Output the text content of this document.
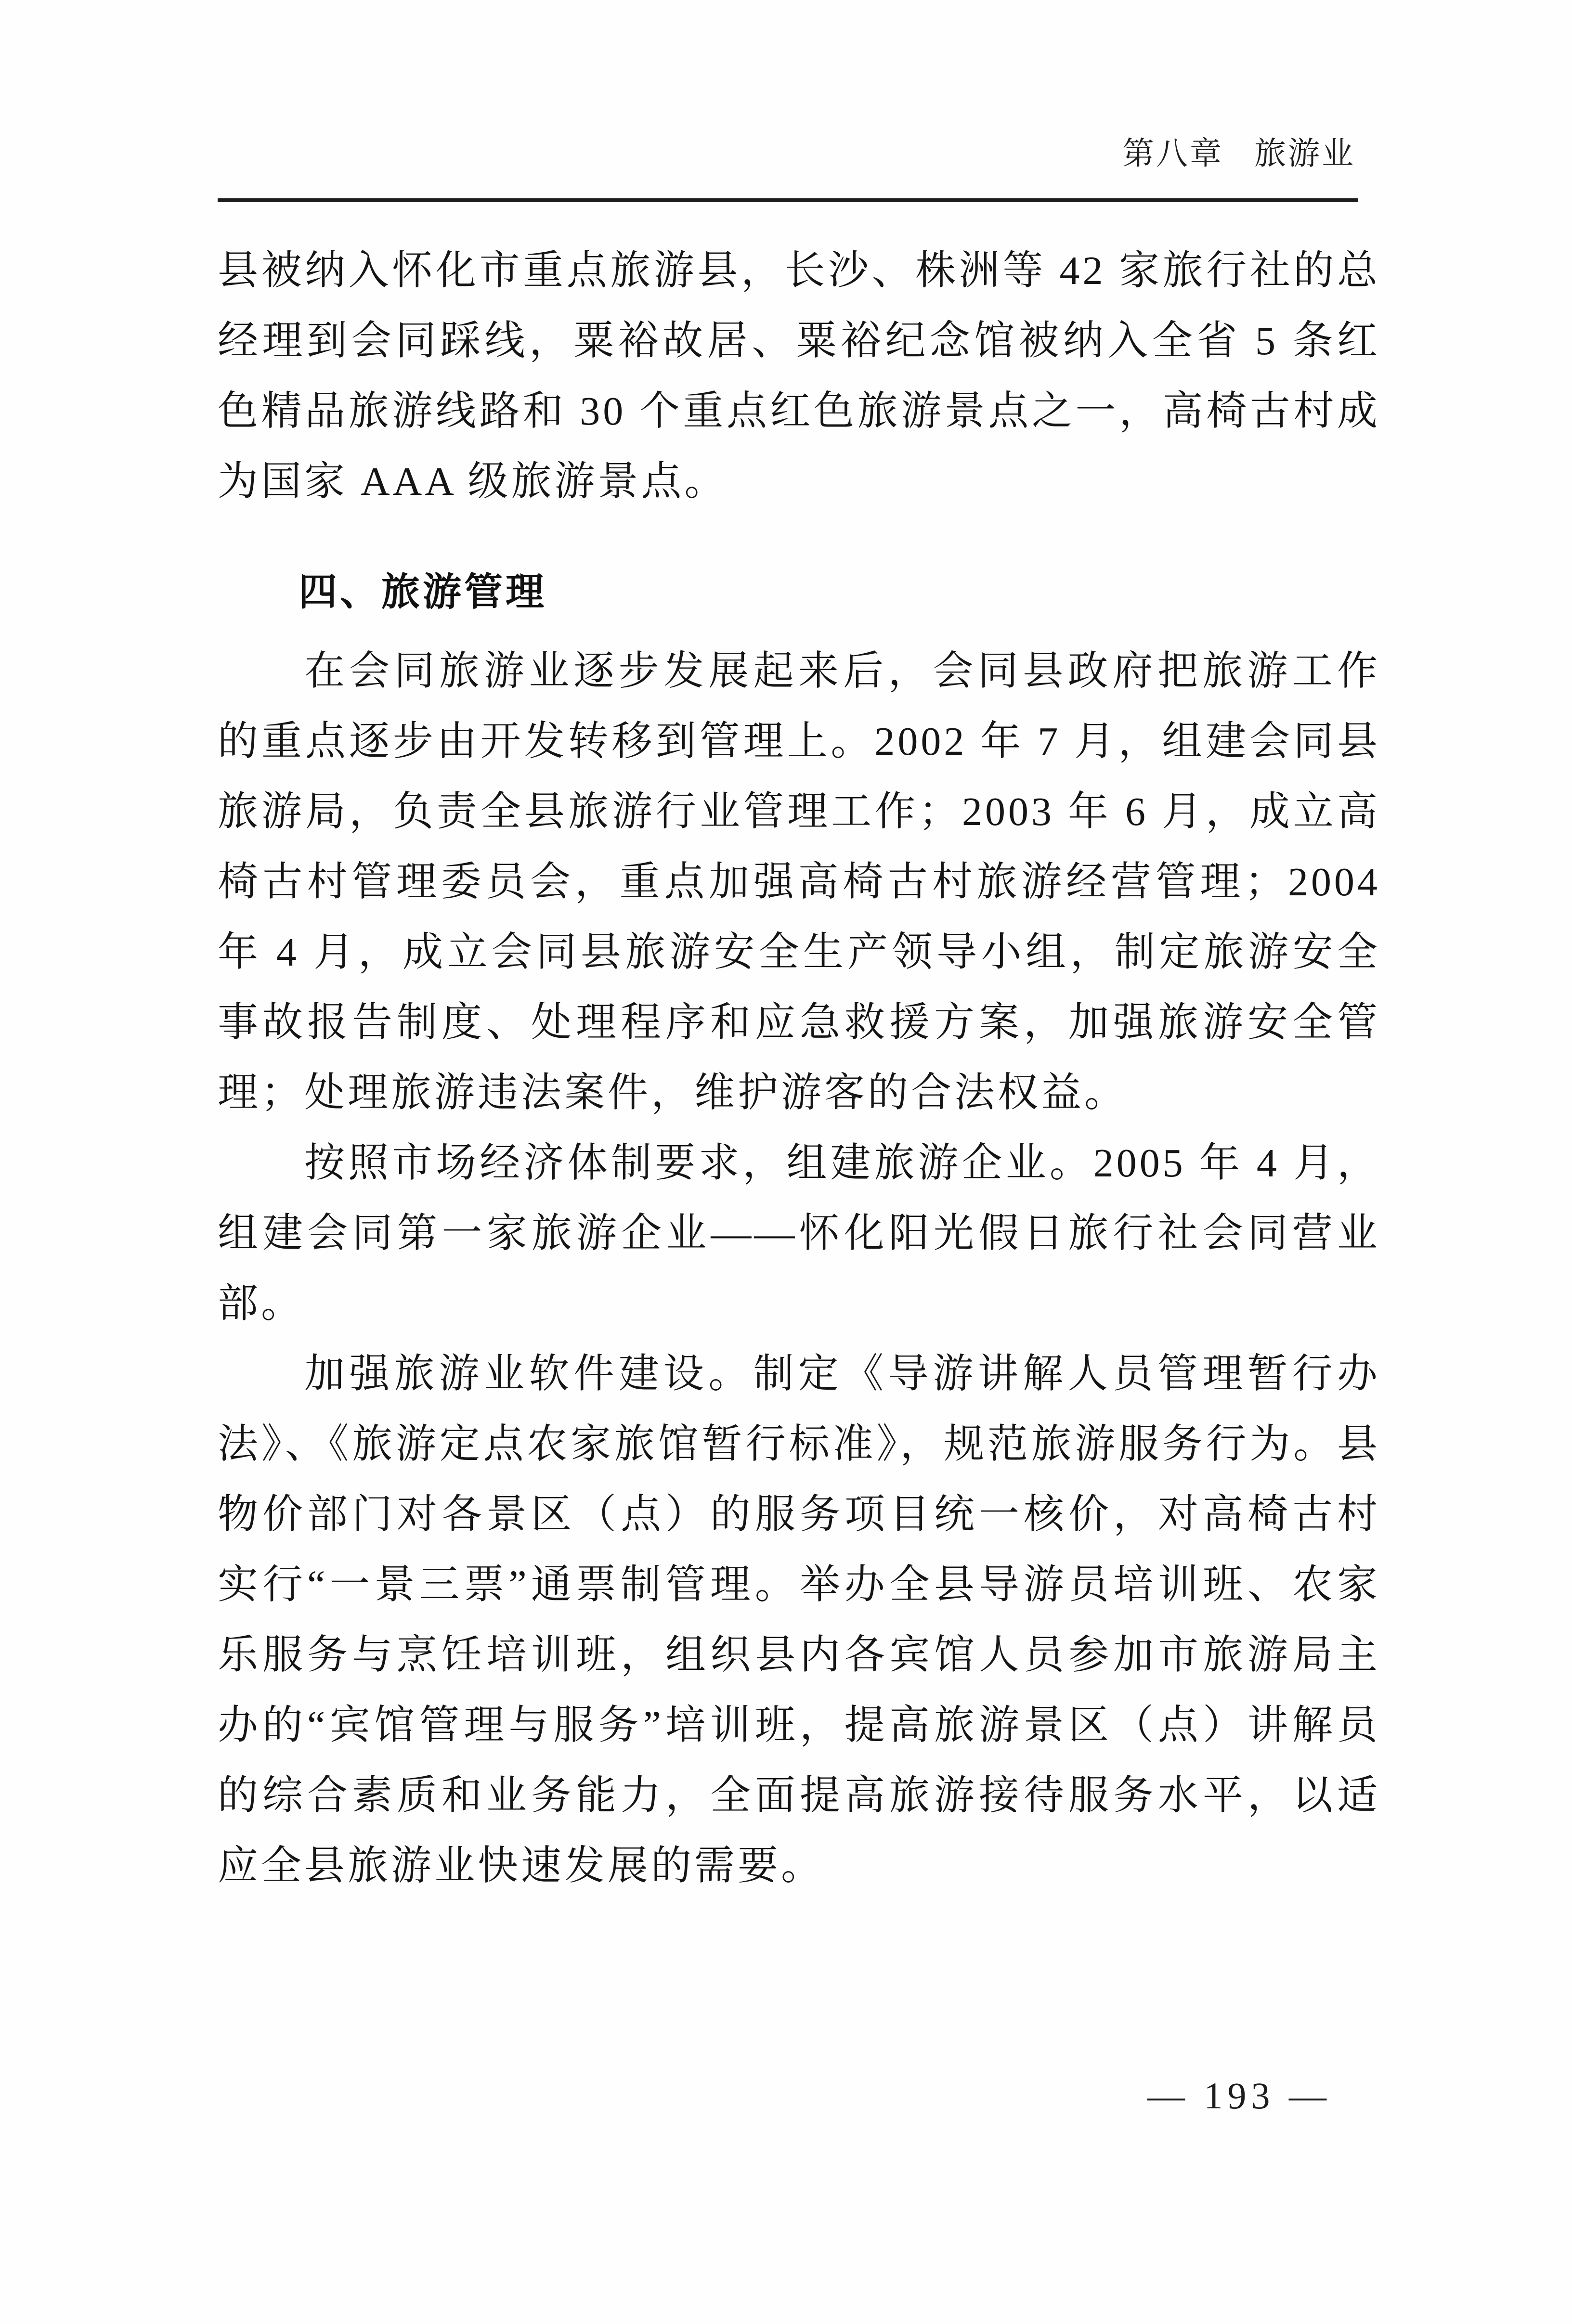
第八章 旅游业

县被纳入怀化市重点旅游县，长沙、株洲等 42 家旅行社的总经理到会同踩线，粟裕故居、粟裕纪念馆被纳入全省 5 条红色精品旅游线路和 30 个重点红色旅游景点之一，高椅古村成为国家 AAA 级旅游景点。

四、旅游管理

在会同旅游业逐步发展起来后，会同县政府把旅游工作的重点逐步由开发转移到管理上。2002 年 7 月，组建会同县旅游局，负责全县旅游行业管理工作；2003 年 6 月，成立高椅古村管理委员会，重点加强高椅古村旅游经营管理；2004 年 4 月，成立会同县旅游安全生产领导小组，制定旅游安全事故报告制度、处理程序和应急救援方案，加强旅游安全管理；处理旅游违法案件，维护游客的合法权益。

按照市场经济体制要求，组建旅游企业。2005 年 4 月，组建会同第一家旅游企业——怀化阳光假日旅行社会同营业部。

加强旅游业软件建设。制定《导游讲解人员管理暂行办法》、《旅游定点农家旅馆暂行标准》，规范旅游服务行为。县物价部门对各景区（点）的服务项目统一核价，对高椅古村实行“一景三票”通票制管理。举办全县导游员培训班、农家乐服务与烹饪培训班，组织县内各宾馆人员参加市旅游局主办的“宾馆管理与服务”培训班，提高旅游景区（点）讲解员的综合素质和业务能力，全面提高旅游接待服务水平，以适应全县旅游业快速发展的需要。

— 193 —
